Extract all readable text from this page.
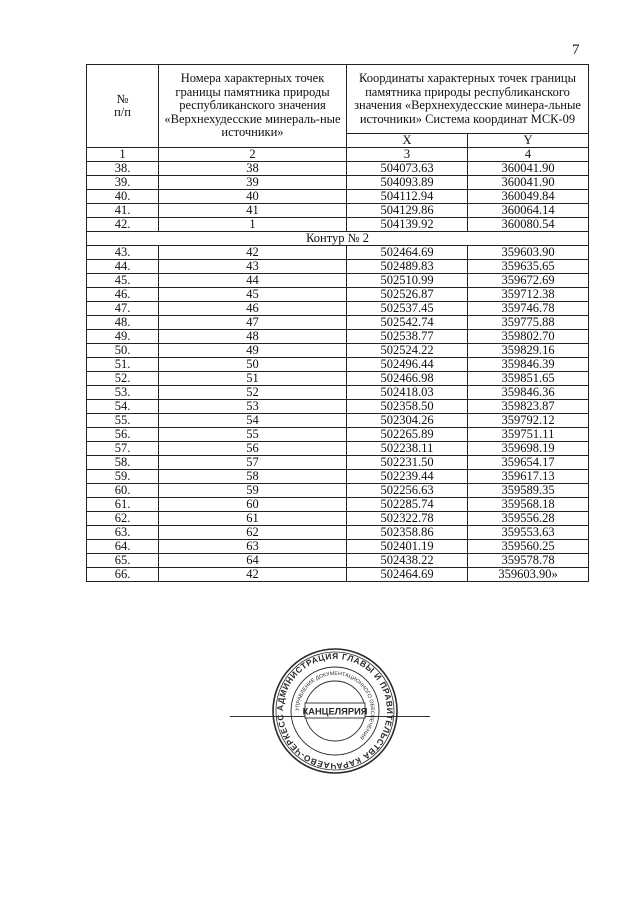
7
№
п/п	Номера характерных точек границы памятника природы республиканского значения «Верхнехудесские минераль-ные источники»	Координаты характерных точек границы памятника природы республиканского значения «Верхнехудесские минера-льные источники» Система координат МСК-09	
		X	Y
1	2	3	4
38.	38	504073.63	360041.90
39.	39	504093.89	360041.90
40.	40	504112.94	360049.84
41.	41	504129.86	360064.14
42.	1	504139.92	360080.54
Контур № 2			
43.	42	502464.69	359603.90
44.	43	502489.83	359635.65
45.	44	502510.99	359672.69
46.	45	502526.87	359712.38
47.	46	502537.45	359746.78
48.	47	502542.74	359775.88
49.	48	502538.77	359802.70
50.	49	502524.22	359829.16
51.	50	502496.44	359846.39
52.	51	502466.98	359851.65
53.	52	502418.03	359846.36
54.	53	502358.50	359823.87
55.	54	502304.26	359792.12
56.	55	502265.89	359751.11
57.	56	502238.11	359698.19
58.	57	502231.50	359654.17
59.	58	502239.44	359617.13
60.	59	502256.63	359589.35
61.	60	502285.74	359568.18
62.	61	502322.78	359556.28
63.	62	502358.86	359553.63
64.	63	502401.19	359560.25
65.	64	502438.22	359578.78
66.	42	502464.69	359603.90»
АДМИНИСТРАЦИЯ ГЛАВЫ И ПРАВИТЕЛЬСТВА КАРАЧАЕВО-ЧЕРКЕСС
УПРАВЛЕНИЕ ДОКУМЕНТАЦИОННОГО ОБЕСПЕЧЕНИЯ
КАНЦЕЛЯРИЯ
